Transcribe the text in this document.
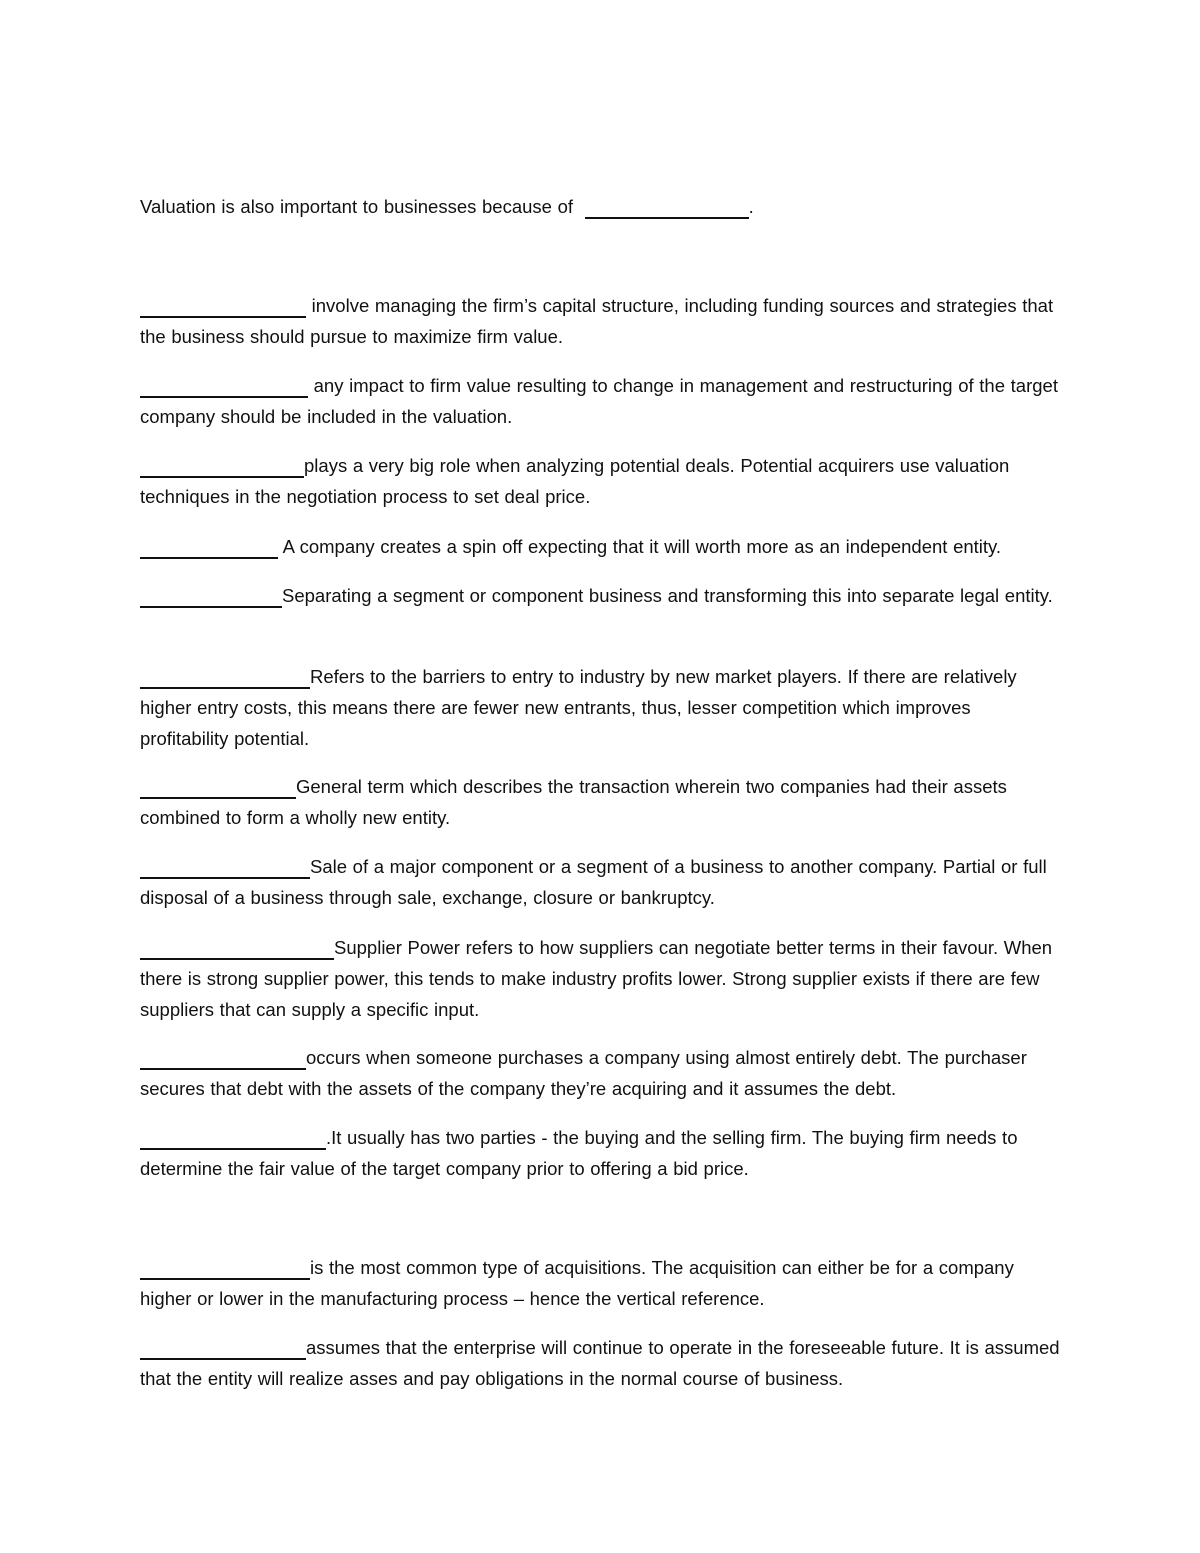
Valuation is also important to businesses because of	.

involve managing the firm’s capital structure, including funding sources and strategies that the business should pursue to maximize firm value.

any impact to firm value resulting to change in management and restructuring of the target company should be included in the valuation.

plays a very big role when analyzing potential deals. Potential acquirers use valuation techniques in the negotiation process to set deal price.

A company creates a spin off expecting that it will worth more as an independent entity.

Separating a segment or component business and transforming this into separate legal entity.

Refers to the barriers to entry to industry by new market players. If there are relatively higher entry costs, this means there are fewer new entrants, thus, lesser competition which improves profitability potential.

General term which describes the transaction wherein two companies had their assets combined to form a wholly new entity.

Sale of a major component or a segment of a business to another company. Partial or full disposal of a business through sale, exchange, closure or bankruptcy.

Supplier Power refers to how suppliers can negotiate better terms in their favour. When there is strong supplier power, this tends to make industry profits lower. Strong supplier exists if there are few suppliers that can supply a specific input.

occurs when someone purchases a company using almost entirely debt. The purchaser secures that debt with the assets of the company they’re acquiring and it assumes the debt.

.It usually has two parties - the buying and the selling firm. The buying firm needs to determine the fair value of the target company prior to offering a bid price.

is the most common type of acquisitions. The acquisition can either be for a company higher or lower in the manufacturing process – hence the vertical reference.

assumes that the enterprise will continue to operate in the foreseeable future. It is assumed that the entity will realize asses and pay obligations in the normal course of business.
